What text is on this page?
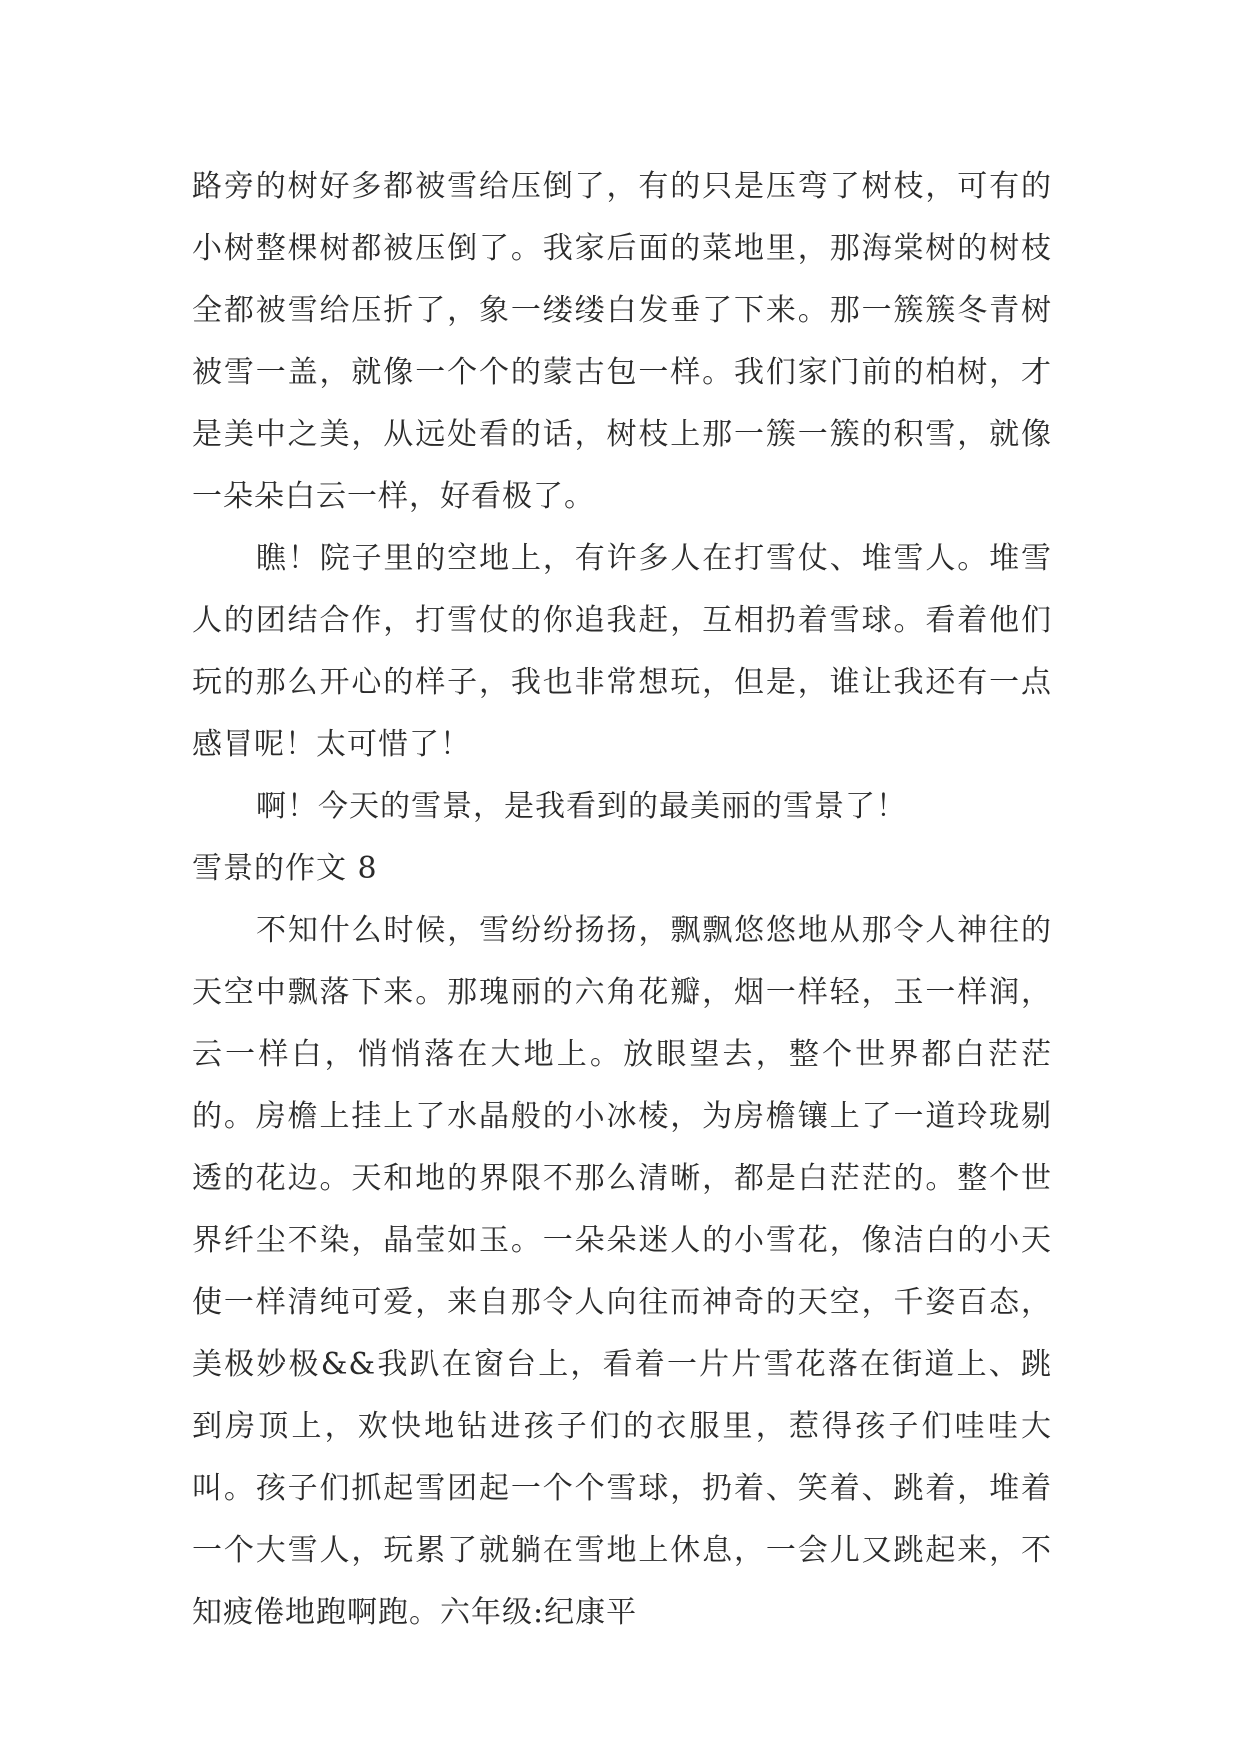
路旁的树好多都被雪给压倒了，有的只是压弯了树枝，可有的小树整棵树都被压倒了。我家后面的菜地里，那海棠树的树枝全都被雪给压折了，象一缕缕白发垂了下来。那一簇簇冬青树被雪一盖，就像一个个的蒙古包一样。我们家门前的柏树，才是美中之美，从远处看的话，树枝上那一簇一簇的积雪，就像一朵朵白云一样，好看极了。

瞧！院子里的空地上，有许多人在打雪仗、堆雪人。堆雪人的团结合作，打雪仗的你追我赶，互相扔着雪球。看着他们玩的那么开心的样子，我也非常想玩，但是，谁让我还有一点感冒呢！太可惜了！

啊！今天的雪景，是我看到的最美丽的雪景了！

雪景的作文 8

不知什么时候，雪纷纷扬扬，飘飘悠悠地从那令人神往的天空中飘落下来。那瑰丽的六角花瓣，烟一样轻，玉一样润，云一样白，悄悄落在大地上。放眼望去，整个世界都白茫茫的。房檐上挂上了水晶般的小冰棱，为房檐镶上了一道玲珑剔透的花边。天和地的界限不那么清晰，都是白茫茫的。整个世界纤尘不染，晶莹如玉。一朵朵迷人的小雪花，像洁白的小天使一样清纯可爱，来自那令人向往而神奇的天空，千姿百态，美极妙极&&我趴在窗台上，看着一片片雪花落在街道上、跳到房顶上，欢快地钻进孩子们的衣服里，惹得孩子们哇哇大叫。孩子们抓起雪团起一个个雪球，扔着、笑着、跳着，堆着一个大雪人，玩累了就躺在雪地上休息，一会儿又跳起来，不知疲倦地跑啊跑。六年级:纪康平
